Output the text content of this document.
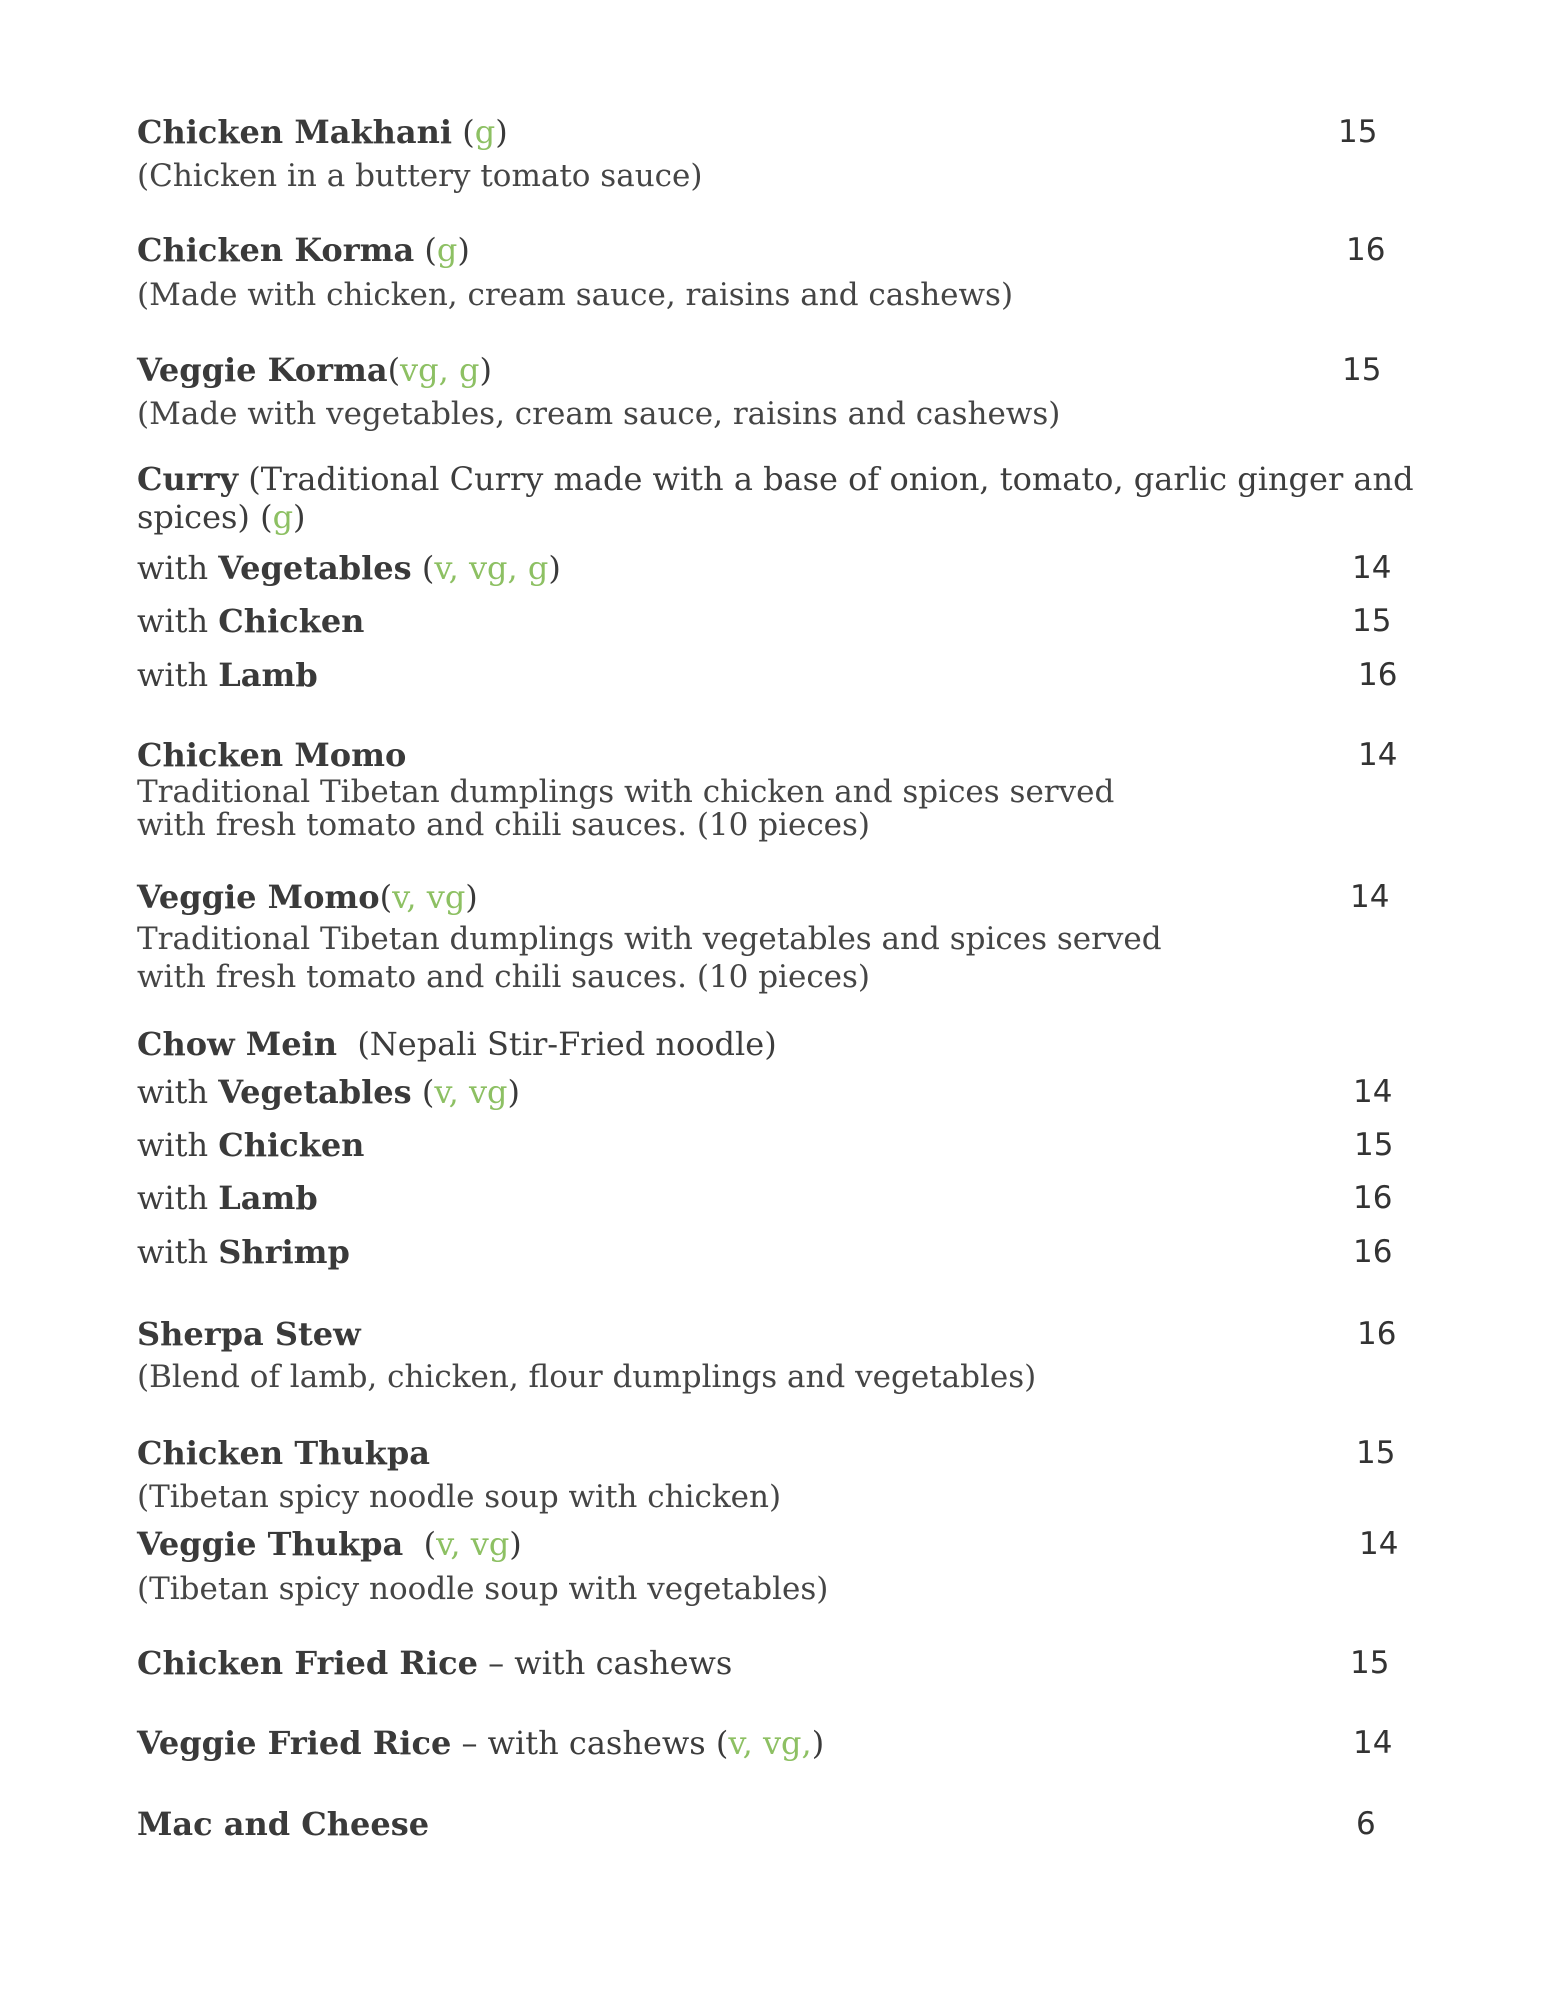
Chicken Makhani (g)	15
(Chicken in a buttery tomato sauce)
Chicken Korma (g)	16
(Made with chicken, cream sauce, raisins and cashews)
Veggie Korma(vg, g)	15
(Made with vegetables, cream sauce, raisins and cashews)
Curry (Traditional Curry made with a base of onion, tomato, garlic ginger and
spices) (g)
with Vegetables (v, vg, g)	14
with Chicken	15
with Lamb	16
Chicken Momo	14
Traditional Tibetan dumplings with chicken and spices served
with fresh tomato and chili sauces. (10 pieces)
Veggie Momo(v, vg)	14
Traditional Tibetan dumplings with vegetables and spices served
with fresh tomato and chili sauces. (10 pieces)
Chow Mein (Nepali Stir-Fried noodle)
with Vegetables (v, vg)	14
with Chicken	15
with Lamb	16
with Shrimp	16
Sherpa Stew	16
(Blend of lamb, chicken, flour dumplings and vegetables)
Chicken Thukpa	15
(Tibetan spicy noodle soup with chicken)
Veggie Thukpa (v, vg)	14
(Tibetan spicy noodle soup with vegetables)
Chicken Fried Rice – with cashews	15
Veggie Fried Rice – with cashews (v, vg,)	14
Mac and Cheese	6
